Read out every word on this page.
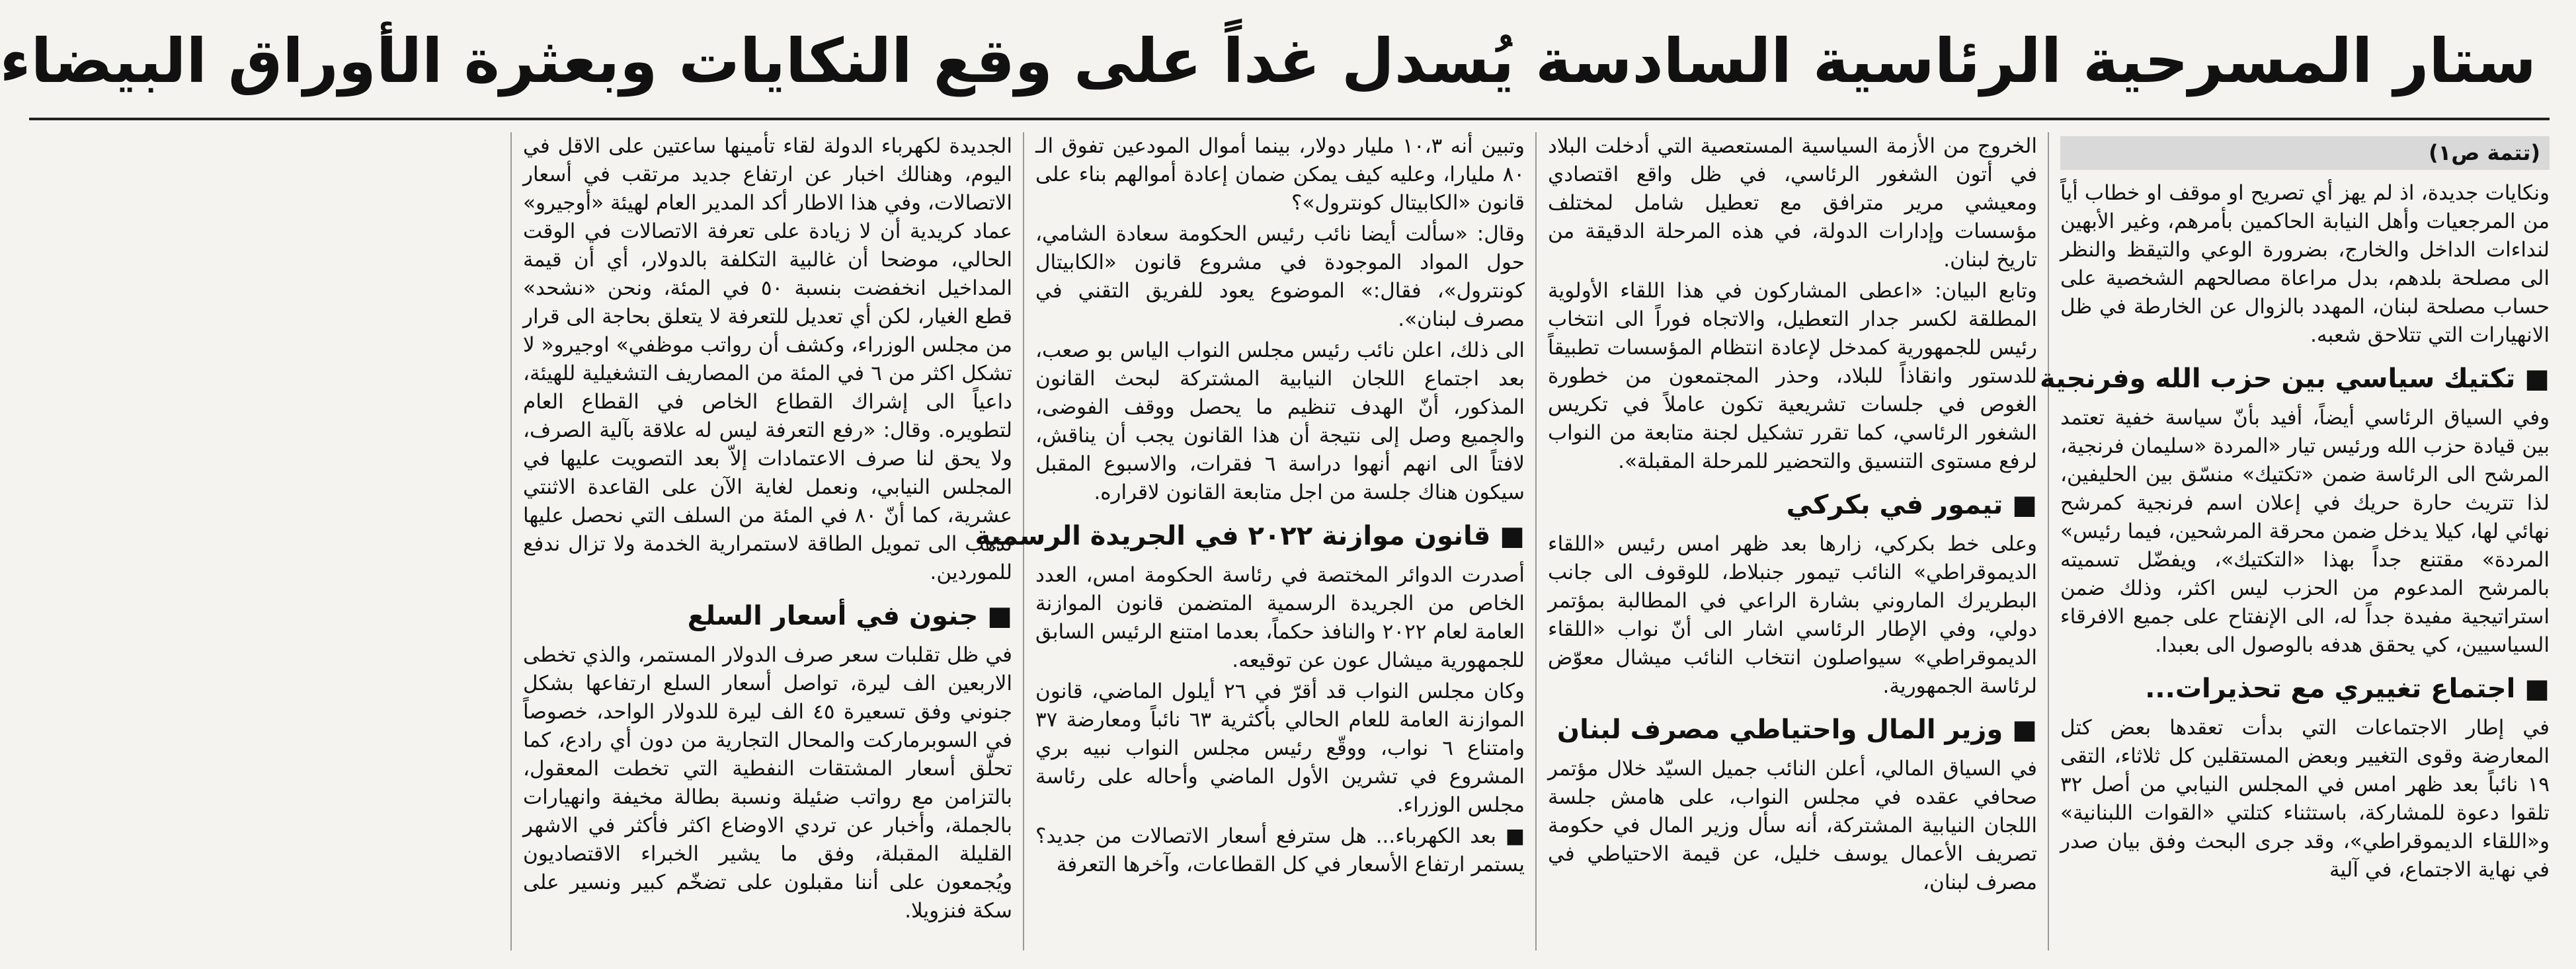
ستار المسرحية الرئاسية السادسة يُسدل غداً على وقع النكايات وبعثرة الأوراق البيضاء
(تتمة ص١)

ونكايات جديدة، اذ لم يهز أي تصريح او موقف او خطاب أياً من المرجعيات وأهل النيابة الحاكمين بأمرهم، وغير الأبهين لنداءات الداخل والخارج، بضرورة الوعي والتيقظ والنظر الى مصلحة بلدهم، بدل مراعاة مصالحهم الشخصية على حساب مصلحة لبنان، المهدد بالزوال عن الخارطة في ظل الانهيارات التي تتلاحق شعبه.

■ تكتيك سياسي بين حزب الله وفرنجية

وفي السياق الرئاسي أيضاً، أفيد بأنّ سياسة خفية تعتمد بين قيادة حزب الله ورئيس تيار «المردة «سليمان فرنجية، المرشح الى الرئاسة ضمن «تكتيك» منسّق بين الحليفين، لذا تتريث حارة حريك في إعلان اسم فرنجية كمرشح نهائي لها، كيلا يدخل ضمن محرقة المرشحين، فيما رئيس» المردة» مقتنع جداً بهذا «التكتيك»، ويفضّل تسميته بالمرشح المدعوم من الحزب ليس اكثر، وذلك ضمن استراتيجية مفيدة جداً له، الى الإنفتاح على جميع الافرقاء السياسيين، كي يحقق هدفه بالوصول الى بعبدا.

■ اجتماع تغييري مع تحذيرات...

في إطار الاجتماعات التي بدأت تعقدها بعض كتل المعارضة وقوى التغيير وبعض المستقلين كل ثلاثاء، التقى ١٩ نائباً بعد ظهر امس في المجلس النيابي من أصل ٣٢ تلقوا دعوة للمشاركة، باستثناء كتلتي «القوات اللبنانية» و«اللقاء الديموقراطي»، وقد جرى البحث وفق بيان صدر في نهاية الاجتماع، في آلية

الخروج من الأزمة السياسية المستعصية التي أدخلت البلاد في أتون الشغور الرئاسي، في ظل واقع اقتصادي ومعيشي مرير مترافق مع تعطيل شامل لمختلف مؤسسات وإدارات الدولة، في هذه المرحلة الدقيقة من تاريخ لبنان.

وتابع البيان: «اعطى المشاركون في هذا اللقاء الأولوية المطلقة لكسر جدار التعطيل، والاتجاه فوراً الى انتخاب رئيس للجمهورية كمدخل لإعادة انتظام المؤسسات تطبيقاً للدستور وانقاذاً للبلاد، وحذر المجتمعون من خطورة الغوص في جلسات تشريعية تكون عاملاً في تكريس الشغور الرئاسي، كما تقرر تشكيل لجنة متابعة من النواب لرفع مستوى التنسيق والتحضير للمرحلة المقبلة».

■ تيمور في بكركي

وعلى خط بكركي، زارها بعد ظهر امس رئيس «اللقاء الديموقراطي» النائب تيمور جنبلاط، للوقوف الى جانب البطريرك الماروني بشارة الراعي في المطالبة بمؤتمر دولي، وفي الإطار الرئاسي اشار الى أنّ نواب «اللقاء الديموقراطي» سيواصلون انتخاب النائب ميشال معوّض لرئاسة الجمهورية.

■ وزير المال واحتياطي مصرف لبنان

في السياق المالي، أعلن النائب جميل السيّد خلال مؤتمر صحافي عقده في مجلس النواب، على هامش جلسة اللجان النيابية المشتركة، أنه سأل وزير المال في حكومة تصريف الأعمال يوسف خليل، عن قيمة الاحتياطي في مصرف لبنان،

وتبين أنه ١٠،٣ مليار دولار، بينما أموال المودعين تفوق الـ ٨٠ مليارا، وعليه كيف يمكن ضمان إعادة أموالهم بناء على قانون «الكابيتال كونترول»؟

وقال: «سألت أيضا نائب رئيس الحكومة سعادة الشامي، حول المواد الموجودة في مشروع قانون «الكابيتال كونترول»، فقال:» الموضوع يعود للفريق التقني في مصرف لبنان».

الى ذلك، اعلن نائب رئيس مجلس النواب الياس بو صعب، بعد اجتماع اللجان النيابية المشتركة لبحث القانون المذكور، أنّ الهدف تنظيم ما يحصل ووقف الفوضى، والجميع وصل إلى نتيجة أن هذا القانون يجب أن يناقش، لافتاً الى انهم أنهوا دراسة ٦ فقرات، والاسبوع المقبل سيكون هناك جلسة من اجل متابعة القانون لاقراره.

■ قانون موازنة ٢٠٢٢ في الجريدة الرسمية

أصدرت الدوائر المختصة في رئاسة الحكومة امس، العدد الخاص من الجريدة الرسمية المتضمن قانون الموازنة العامة لعام ٢٠٢٢ والنافذ حكماً، بعدما امتنع الرئيس السابق للجمهورية ميشال عون عن توقيعه.

وكان مجلس النواب قد أقرّ في ٢٦ أيلول الماضي، قانون الموازنة العامة للعام الحالي بأكثرية ٦٣ نائباً ومعارضة ٣٧ وامتناع ٦ نواب، ووقّع رئيس مجلس النواب نبيه بري المشروع في تشرين الأول الماضي وأحاله على رئاسة مجلس الوزراء.

■ بعد الكهرباء... هل سترفع أسعار الاتصالات من جديد؟ يستمر ارتفاع الأسعار في كل القطاعات، وآخرها التعرفة

الجديدة لكهرباء الدولة لقاء تأمينها ساعتين على الاقل في اليوم، وهنالك اخبار عن ارتفاع جديد مرتقب في أسعار الاتصالات، وفي هذا الاطار أكد المدير العام لهيئة «أوجيرو» عماد كريدية أن لا زيادة على تعرفة الاتصالات في الوقت الحالي، موضحا أن غالبية التكلفة بالدولار، أي أن قيمة المداخيل انخفضت بنسبة ٥٠ في المئة، ونحن «نشحد» قطع الغيار، لكن أي تعديل للتعرفة لا يتعلق بحاجة الى قرار من مجلس الوزراء، وكشف أن رواتب موظفي» اوجيرو« لا تشكل اكثر من ٦ في المئة من المصاريف التشغيلية للهيئة، داعياً الى إشراك القطاع الخاص في القطاع العام لتطويره. وقال: «رفع التعرفة ليس له علاقة بآلية الصرف، ولا يحق لنا صرف الاعتمادات إلاّ بعد التصويت عليها في المجلس النيابي، ونعمل لغاية الآن على القاعدة الاثنتي عشرية، كما أنّ ٨٠ في المئة من السلف التي نحصل عليها تذهب الى تمويل الطاقة لاستمرارية الخدمة ولا تزال ندفع للموردين.

■ جنون في أسعار السلع

في ظل تقلبات سعر صرف الدولار المستمر، والذي تخطى الاربعين الف ليرة، تواصل أسعار السلع ارتفاعها بشكل جنوني وفق تسعيرة ٤٥ الف ليرة للدولار الواحد، خصوصاً في السوبرماركت والمحال التجارية من دون أي رادع، كما تحلّق أسعار المشتقات النفطية التي تخطت المعقول، بالتزامن مع رواتب ضئيلة ونسبة بطالة مخيفة وانهيارات بالجملة، وأخبار عن تردي الاوضاع اكثر فأكثر في الاشهر القليلة المقبلة، وفق ما يشير الخبراء الاقتصاديون ويُجمعون على أننا مقبلون على تضخّم كبير ونسير على سكة فنزويلا.
